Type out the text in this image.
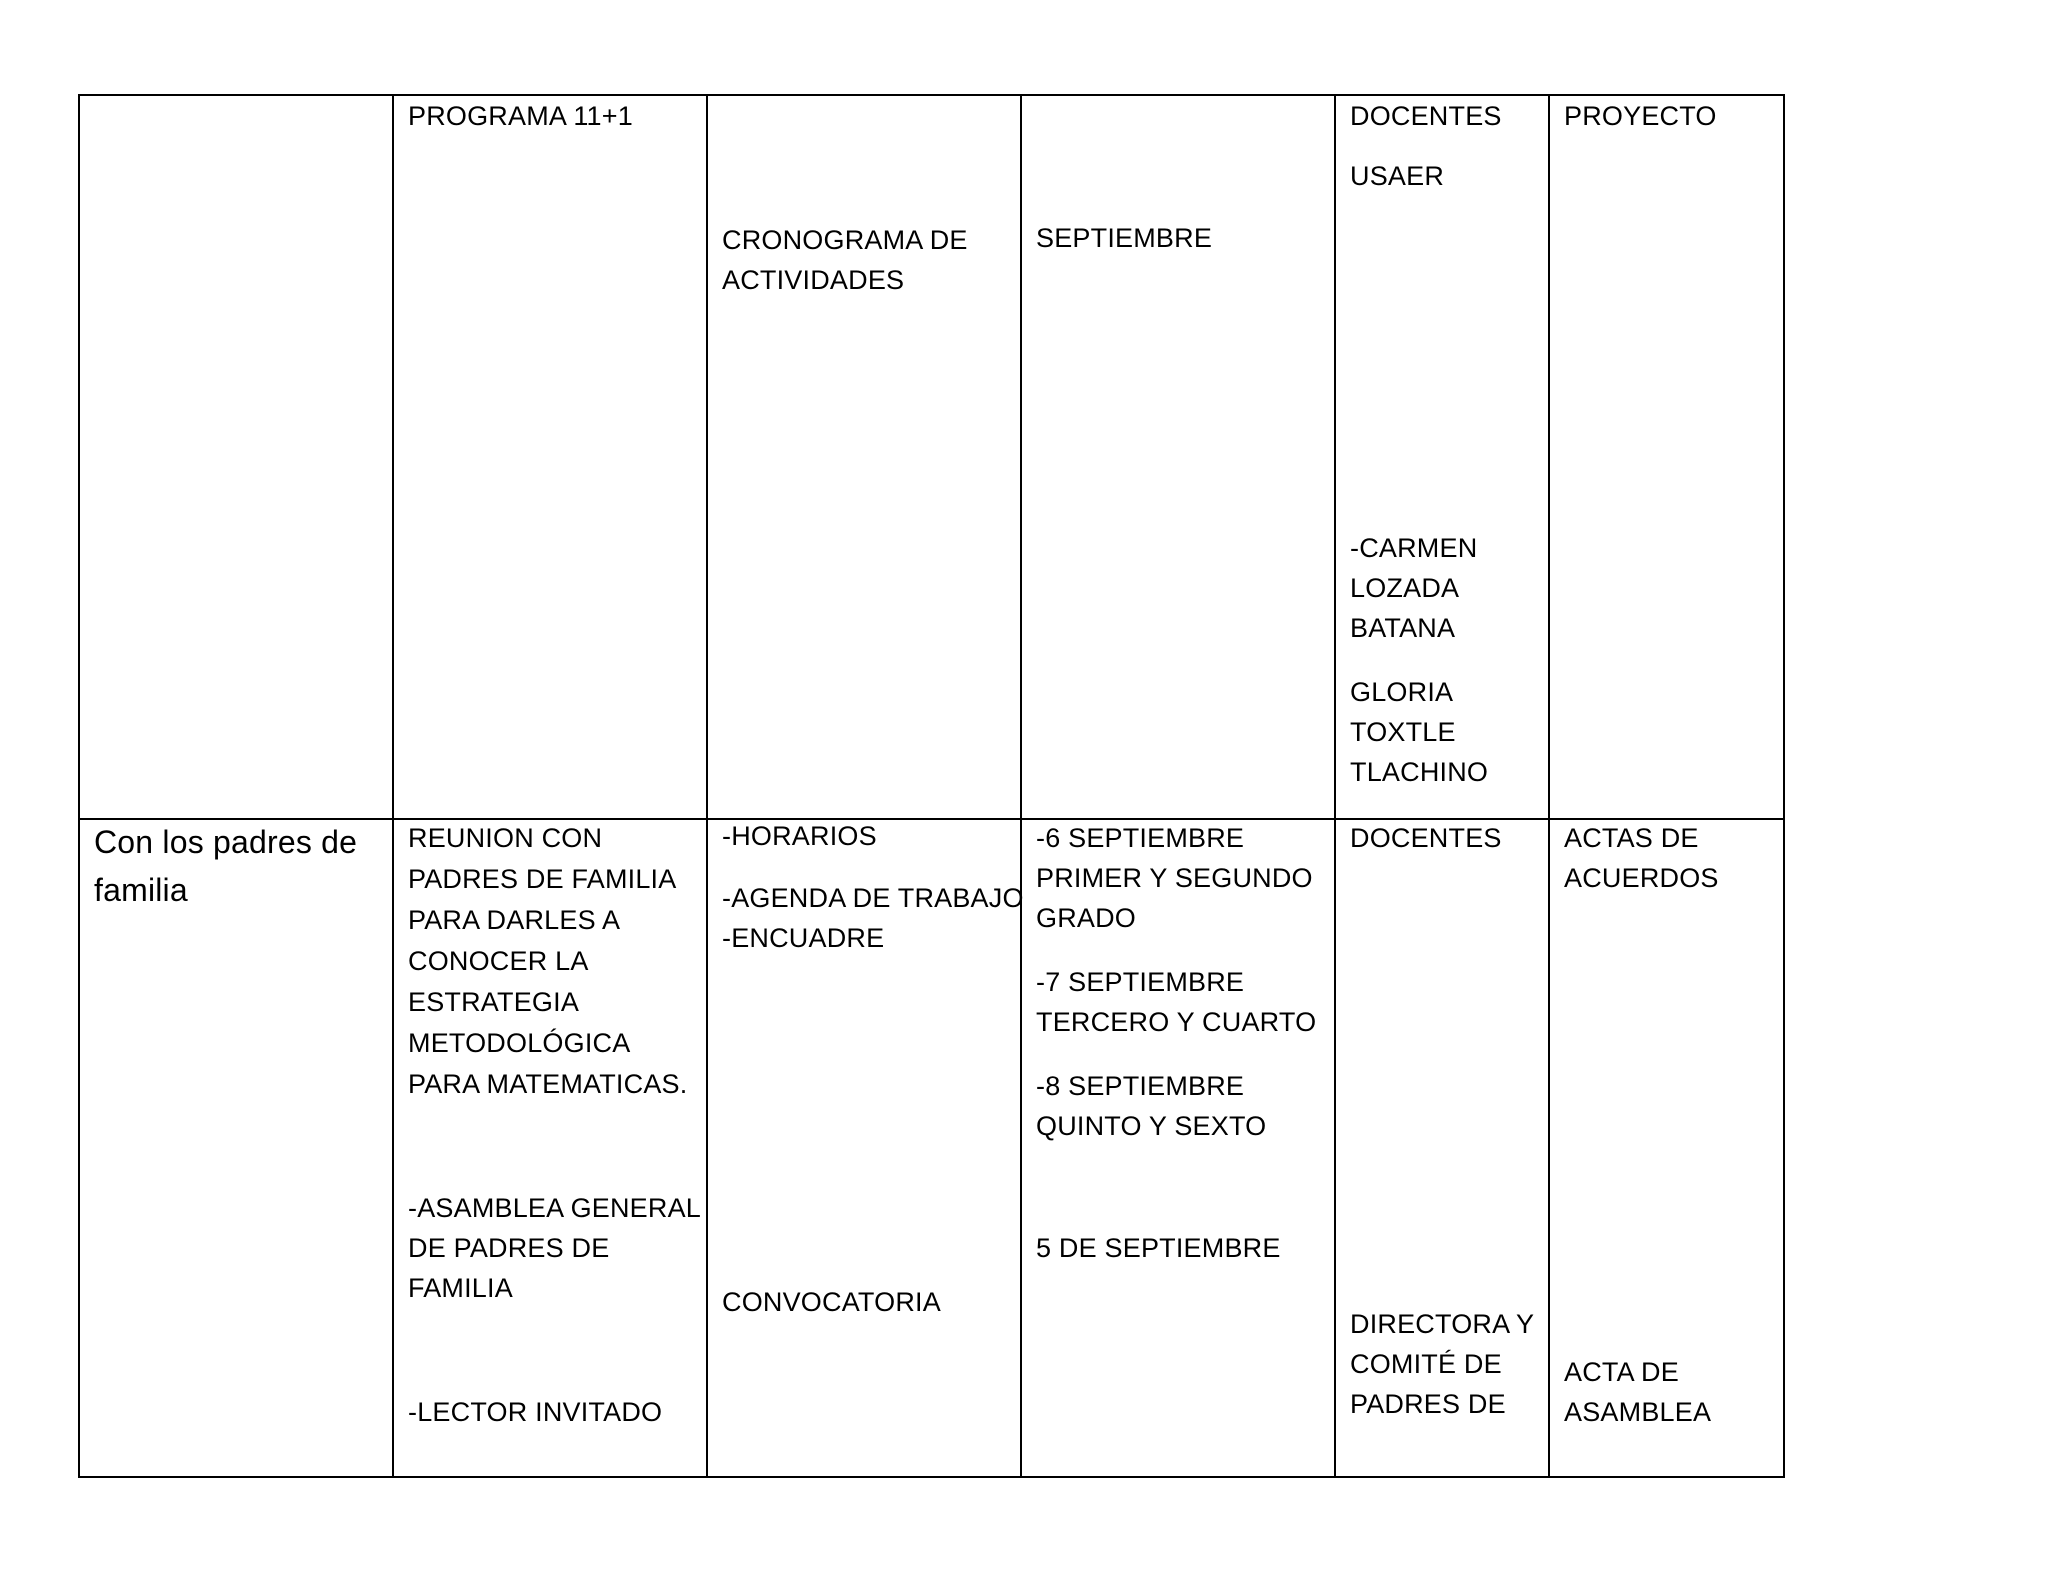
PROGRAMA 11+1
CRONOGRAMA DE
ACTIVIDADES
SEPTIEMBRE
DOCENTES
USAER
-CARMEN
LOZADA
BATANA
GLORIA
TOXTLE
TLACHINO
PROYECTO
Con los padres de
familia
REUNION CON
PADRES DE FAMILIA
PARA DARLES A
CONOCER LA
ESTRATEGIA
METODOLÓGICA
PARA MATEMATICAS.
-ASAMBLEA GENERAL
DE PADRES DE
FAMILIA
-LECTOR INVITADO
-HORARIOS
-AGENDA DE TRABAJO
-ENCUADRE
CONVOCATORIA
-6 SEPTIEMBRE
PRIMER Y SEGUNDO
GRADO
-7 SEPTIEMBRE
TERCERO Y CUARTO
-8 SEPTIEMBRE
QUINTO Y SEXTO
5 DE SEPTIEMBRE
DOCENTES
DIRECTORA Y
COMITÉ DE
PADRES DE
ACTAS DE
ACUERDOS
ACTA DE
ASAMBLEA
